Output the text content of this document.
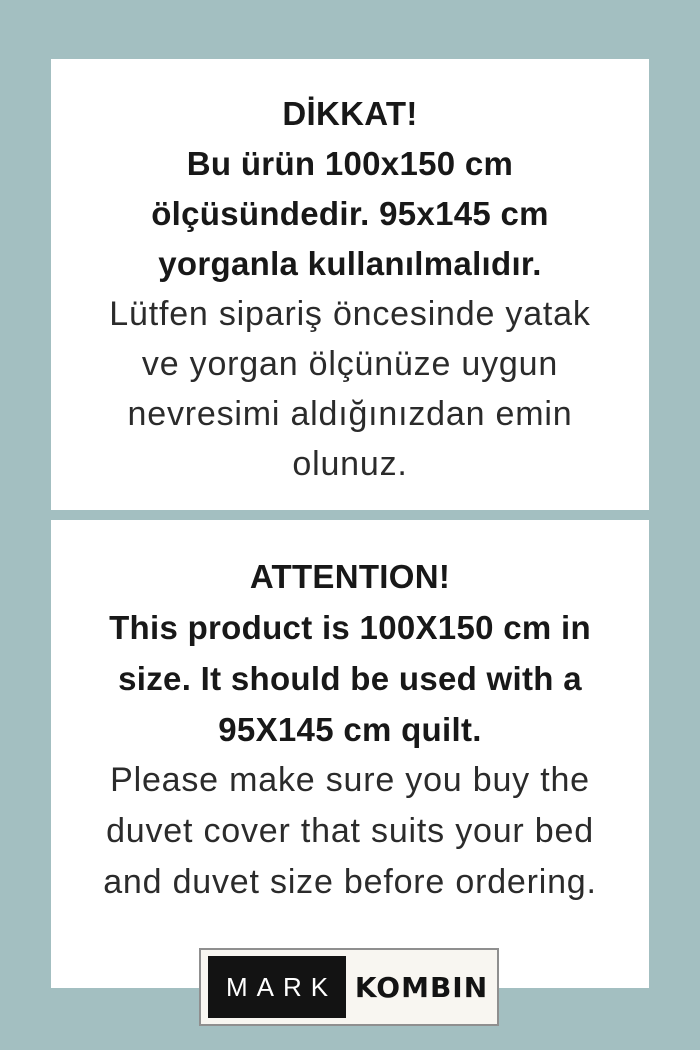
DİKKAT!
Bu ürün 100x150 cm
ölçüsündedir. 95x145 cm
yorganla kullanılmalıdır.
Lütfen sipariş öncesinde yatak
ve yorgan ölçünüze uygun
nevresimi aldığınızdan emin
olunuz.
ATTENTION!
This product is 100X150 cm in
size. It should be used with a
95X145 cm quilt.
Please make sure you buy the
duvet cover that suits your bed
and duvet size before ordering.
MARK KOMBIN
